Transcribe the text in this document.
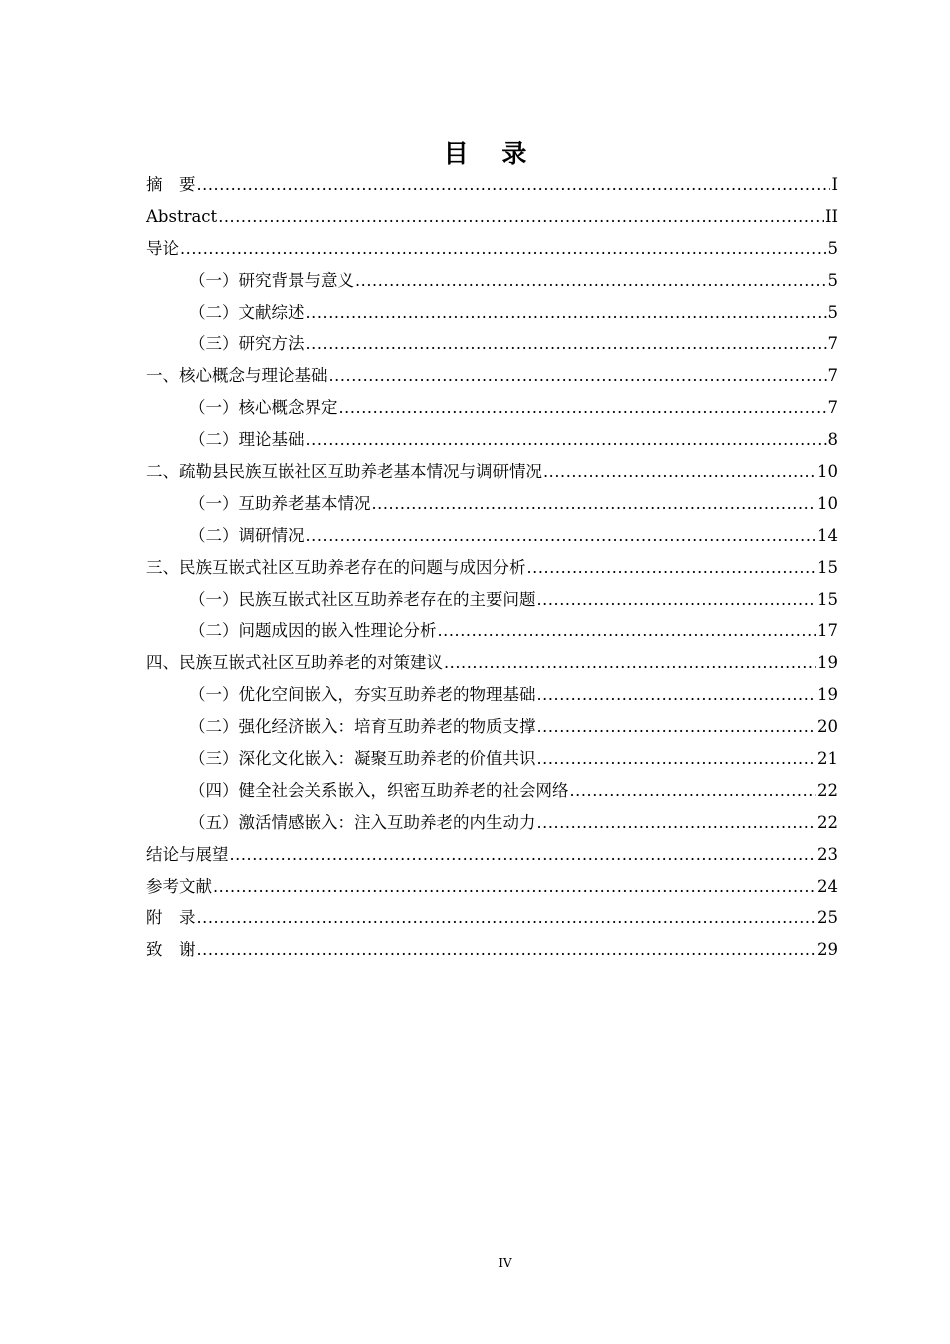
目 录
摘　要 .....	I
Abstract .....	II
导论 .....	5
（一）研究背景与意义 .....	5
（二）文献综述 .....	5
（三）研究方法 .....	7
一、核心概念与理论基础 .....	7
（一）核心概念界定 .....	7
（二）理论基础 .....	8
二、疏勒县民族互嵌社区互助养老基本情况与调研情况 .....	10
（一）互助养老基本情况 .....	10
（二）调研情况 .....	14
三、民族互嵌式社区互助养老存在的问题与成因分析 .....	15
（一）民族互嵌式社区互助养老存在的主要问题 .....	15
（二）问题成因的嵌入性理论分析 .....	17
四、民族互嵌式社区互助养老的对策建议 .....	19
（一）优化空间嵌入，夯实互助养老的物理基础 .....	19
（二）强化经济嵌入：培育互助养老的物质支撑 .....	20
（三）深化文化嵌入：凝聚互助养老的价值共识 .....	21
（四）健全社会关系嵌入，织密互助养老的社会网络 .....	22
（五）激活情感嵌入：注入互助养老的内生动力 .....	22
结论与展望 .....	23
参考文献 .....	24
附　录 .....	25
致　谢 .....	29
IV
